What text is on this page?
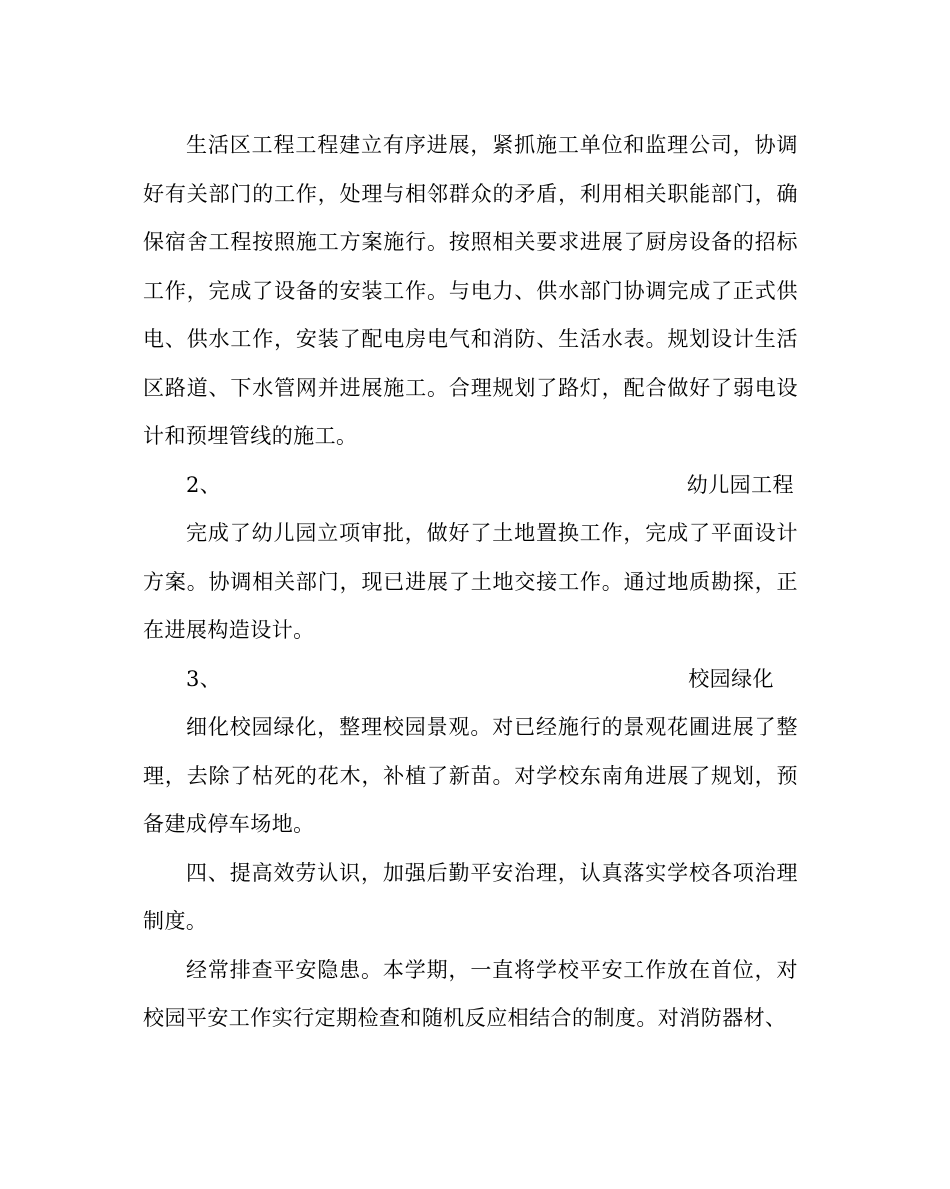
生活区工程工程建立有序进展，紧抓施工单位和监理公司，协调好有关部门的工作，处理与相邻群众的矛盾，利用相关职能部门，确保宿舍工程按照施工方案施行。按照相关要求进展了厨房设备的招标工作，完成了设备的安装工作。与电力、供水部门协调完成了正式供电、供水工作，安装了配电房电气和消防、生活水表。规划设计生活区路道、下水管网并进展施工。合理规划了路灯，配合做好了弱电设计和预埋管线的施工。

2、	幼儿园工程

完成了幼儿园立项审批，做好了土地置换工作，完成了平面设计方案。协调相关部门，现已进展了土地交接工作。通过地质勘探，正在进展构造设计。

3、	校园绿化

细化校园绿化，整理校园景观。对已经施行的景观花圃进展了整理，去除了枯死的花木，补植了新苗。对学校东南角进展了规划，预备建成停车场地。

四、提高效劳认识，加强后勤平安治理，认真落实学校各项治理制度。

经常排查平安隐患。本学期，一直将学校平安工作放在首位，对校园平安工作实行定期检查和随机反应相结合的制度。对消防器材、
